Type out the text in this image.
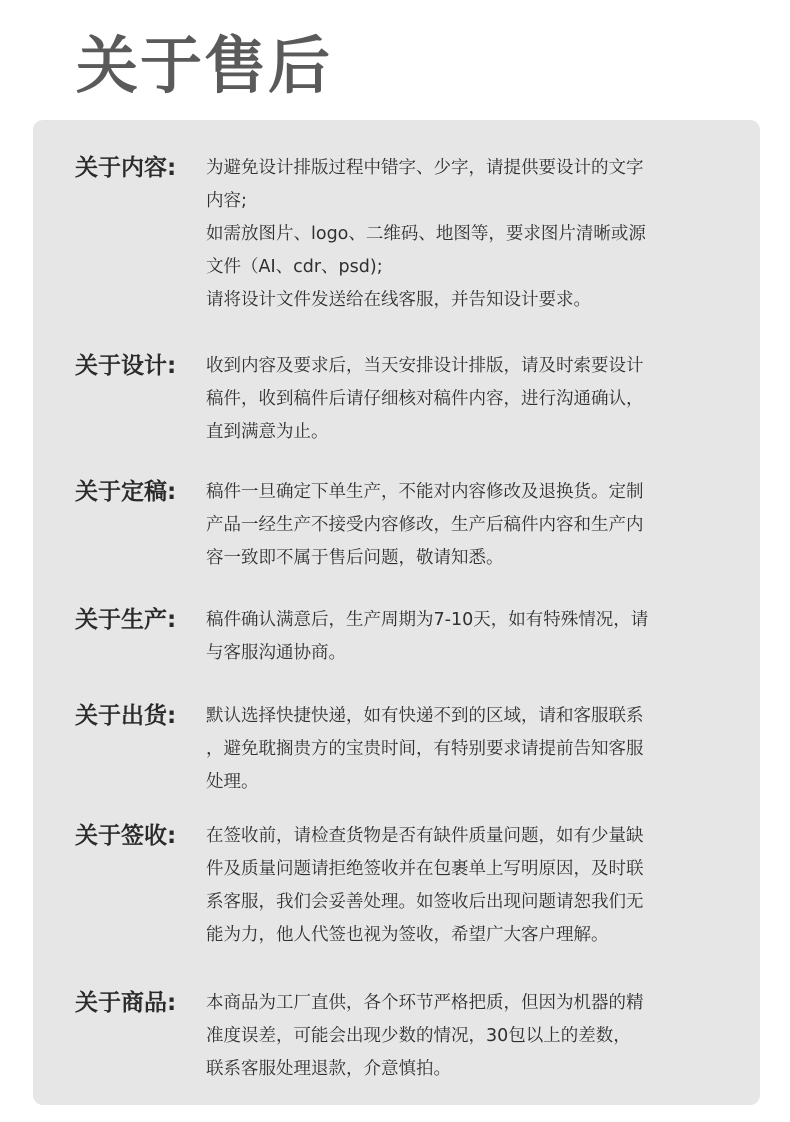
关于售后
关于内容: 为避免设计排版过程中错字、少字，请提供要设计的文字
内容;
如需放图片、logo、二维码、地图等，要求图片清晰或源
文件（AI、cdr、psd);
请将设计文件发送给在线客服，并告知设计要求。
关于设计: 收到内容及要求后，当天安排设计排版，请及时索要设计
稿件，收到稿件后请仔细核对稿件内容，进行沟通确认，
直到满意为止。
关于定稿: 稿件一旦确定下单生产，不能对内容修改及退换货。定制
产品一经生产不接受内容修改，生产后稿件内容和生产内
容一致即不属于售后问题，敬请知悉。
关于生产: 稿件确认满意后，生产周期为7-10天，如有特殊情况，请
与客服沟通协商。
关于出货: 默认选择快捷快递，如有快递不到的区域，请和客服联系
，避免耽搁贵方的宝贵时间，有特别要求请提前告知客服
处理。
关于签收: 在签收前，请检查货物是否有缺件质量问题，如有少量缺
件及质量问题请拒绝签收并在包裹单上写明原因，及时联
系客服，我们会妥善处理。如签收后出现问题请恕我们无
能为力，他人代签也视为签收，希望广大客户理解。
关于商品: 本商品为工厂直供，各个环节严格把质，但因为机器的精
准度误差，可能会出现少数的情况，30包以上的差数，
联系客服处理退款，介意慎拍。
